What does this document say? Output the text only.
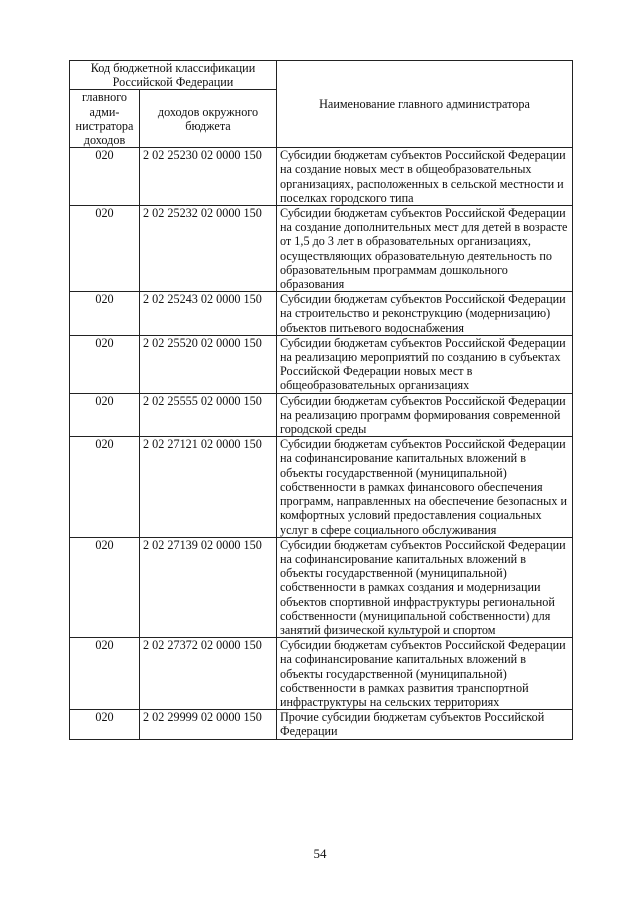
Код бюджетной классификации Российской Федерации		Наименование главного администратора
главного адми-нистратора доходов	доходов окружного бюджета	
020	2 02 25230 02 0000 150	Субсидии бюджетам субъектов Российской Федерации на создание новых мест в общеобразовательных организациях, расположенных в сельской местности и поселках городского типа
020	2 02 25232 02 0000 150	Субсидии бюджетам субъектов Российской Федерации на создание дополнительных мест для детей в возрасте от 1,5 до 3 лет в образовательных организациях, осуществляющих образовательную деятельность по образовательным программам дошкольного образования
020	2 02 25243 02 0000 150	Субсидии бюджетам субъектов Российской Федерации на строительство и реконструкцию (модернизацию) объектов питьевого водоснабжения
020	2 02 25520 02 0000 150	Субсидии бюджетам субъектов Российской Федерации на реализацию мероприятий по созданию в субъектах Российской Федерации новых мест в общеобразовательных организациях
020	2 02 25555 02 0000 150	Субсидии бюджетам субъектов Российской Федерации на реализацию программ формирования современной городской среды
020	2 02 27121 02 0000 150	Субсидии бюджетам субъектов Российской Федерации на софинансирование капитальных вложений в объекты государственной (муниципальной) собственности в рамках финансового обеспечения программ, направленных на обеспечение безопасных и комфортных условий предоставления социальных услуг в сфере социального обслуживания
020	2 02 27139 02 0000 150	Субсидии бюджетам субъектов Российской Федерации на софинансирование капитальных вложений в объекты государственной (муниципальной) собственности в рамках создания и модернизации объектов спортивной инфраструктуры региональной собственности (муниципальной собственности) для занятий физической культурой и спортом
020	2 02 27372 02 0000 150	Субсидии бюджетам субъектов Российской Федерации на софинансирование капитальных вложений в объекты государственной (муниципальной) собственности в рамках развития транспортной инфраструктуры на сельских территориях
020	2 02 29999 02 0000 150	Прочие субсидии бюджетам субъектов Российской Федерации
54
